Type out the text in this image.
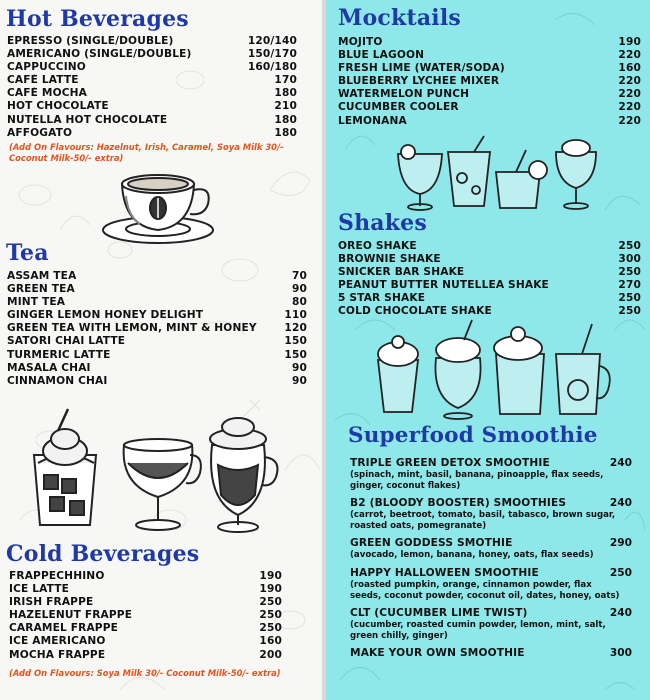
Hot Beverages
EPRESSO (SINGLE/DOUBLE)	120/140
AMERICANO (SINGLE/DOUBLE)	150/170
CAPPUCCINO	160/180
CAFÉ LATTE	170
CAFÉ MOCHA	180
HOT CHOCOLATE	210
NUTELLA HOT CHOCOLATE	180
AFFOGATO	180
(Add On Flavours: Hazelnut, Irish, Caramel, Soya Milk 30/- Coconut Milk-50/- extra)
Tea
ASSAM TEA	70
GREEN TEA	90
MINT TEA	80
GINGER LEMON HONEY DELIGHT	110
GREEN TEA WITH LEMON, MINT & HONEY	120
SATORI CHAI LATTE	150
TURMERIC LATTE	150
MASALA CHAI	90
CINNAMON CHAI	90
Cold Beverages
FRAPPECHHINO	190
ICE LATTE	190
IRISH FRAPPE	250
HAZELENUT FRAPPE	250
CARAMEL FRAPPE	250
ICE AMERICANO	160
MOCHA FRAPPE	200
(Add On Flavours: Soya Milk 30/- Coconut Milk-50/- extra)
Mocktails
MOJITO	190
BLUE LAGOON	220
FRESH LIME (WATER/SODA)	160
BLUEBERRY LYCHEE MIXER	220
WATERMELON PUNCH	220
CUCUMBER COOLER	220
LEMONANA	220
Shakes
OREO SHAKE	250
BROWNIE SHAKE	300
SNICKER BAR SHAKE	250
PEANUT BUTTER NUTELLEA SHAKE	270
5 STAR SHAKE	250
COLD CHOCOLATE SHAKE	250
Superfood Smoothie
TRIPLE GREEN DETOX SMOOTHIE	240
(spinach, mint, basil, banana, pinoapple, flax seeds, ginger, coconut flakes)
B2 (BLOODY BOOSTER) SMOOTHIES	240
(carrot, beetroot, tomato, basil, tabasco, brown sugar, roasted oats, pomegranate)
GREEN GODDESS SMOTHIE	290
(avocado, lemon, banana, honey, oats, flax seeds)
HAPPY HALLOWEEN SMOOTHIE	250
(roasted pumpkin, orange, cinnamon powder, flax seeds, coconut powder, coconut oil, dates, honey, oats)
CLT (CUCUMBER LIME TWIST)	240
(cucumber, roasted cumin powder, lemon, mint, salt, green chilly, ginger)
MAKE YOUR OWN SMOOTHIE	300
